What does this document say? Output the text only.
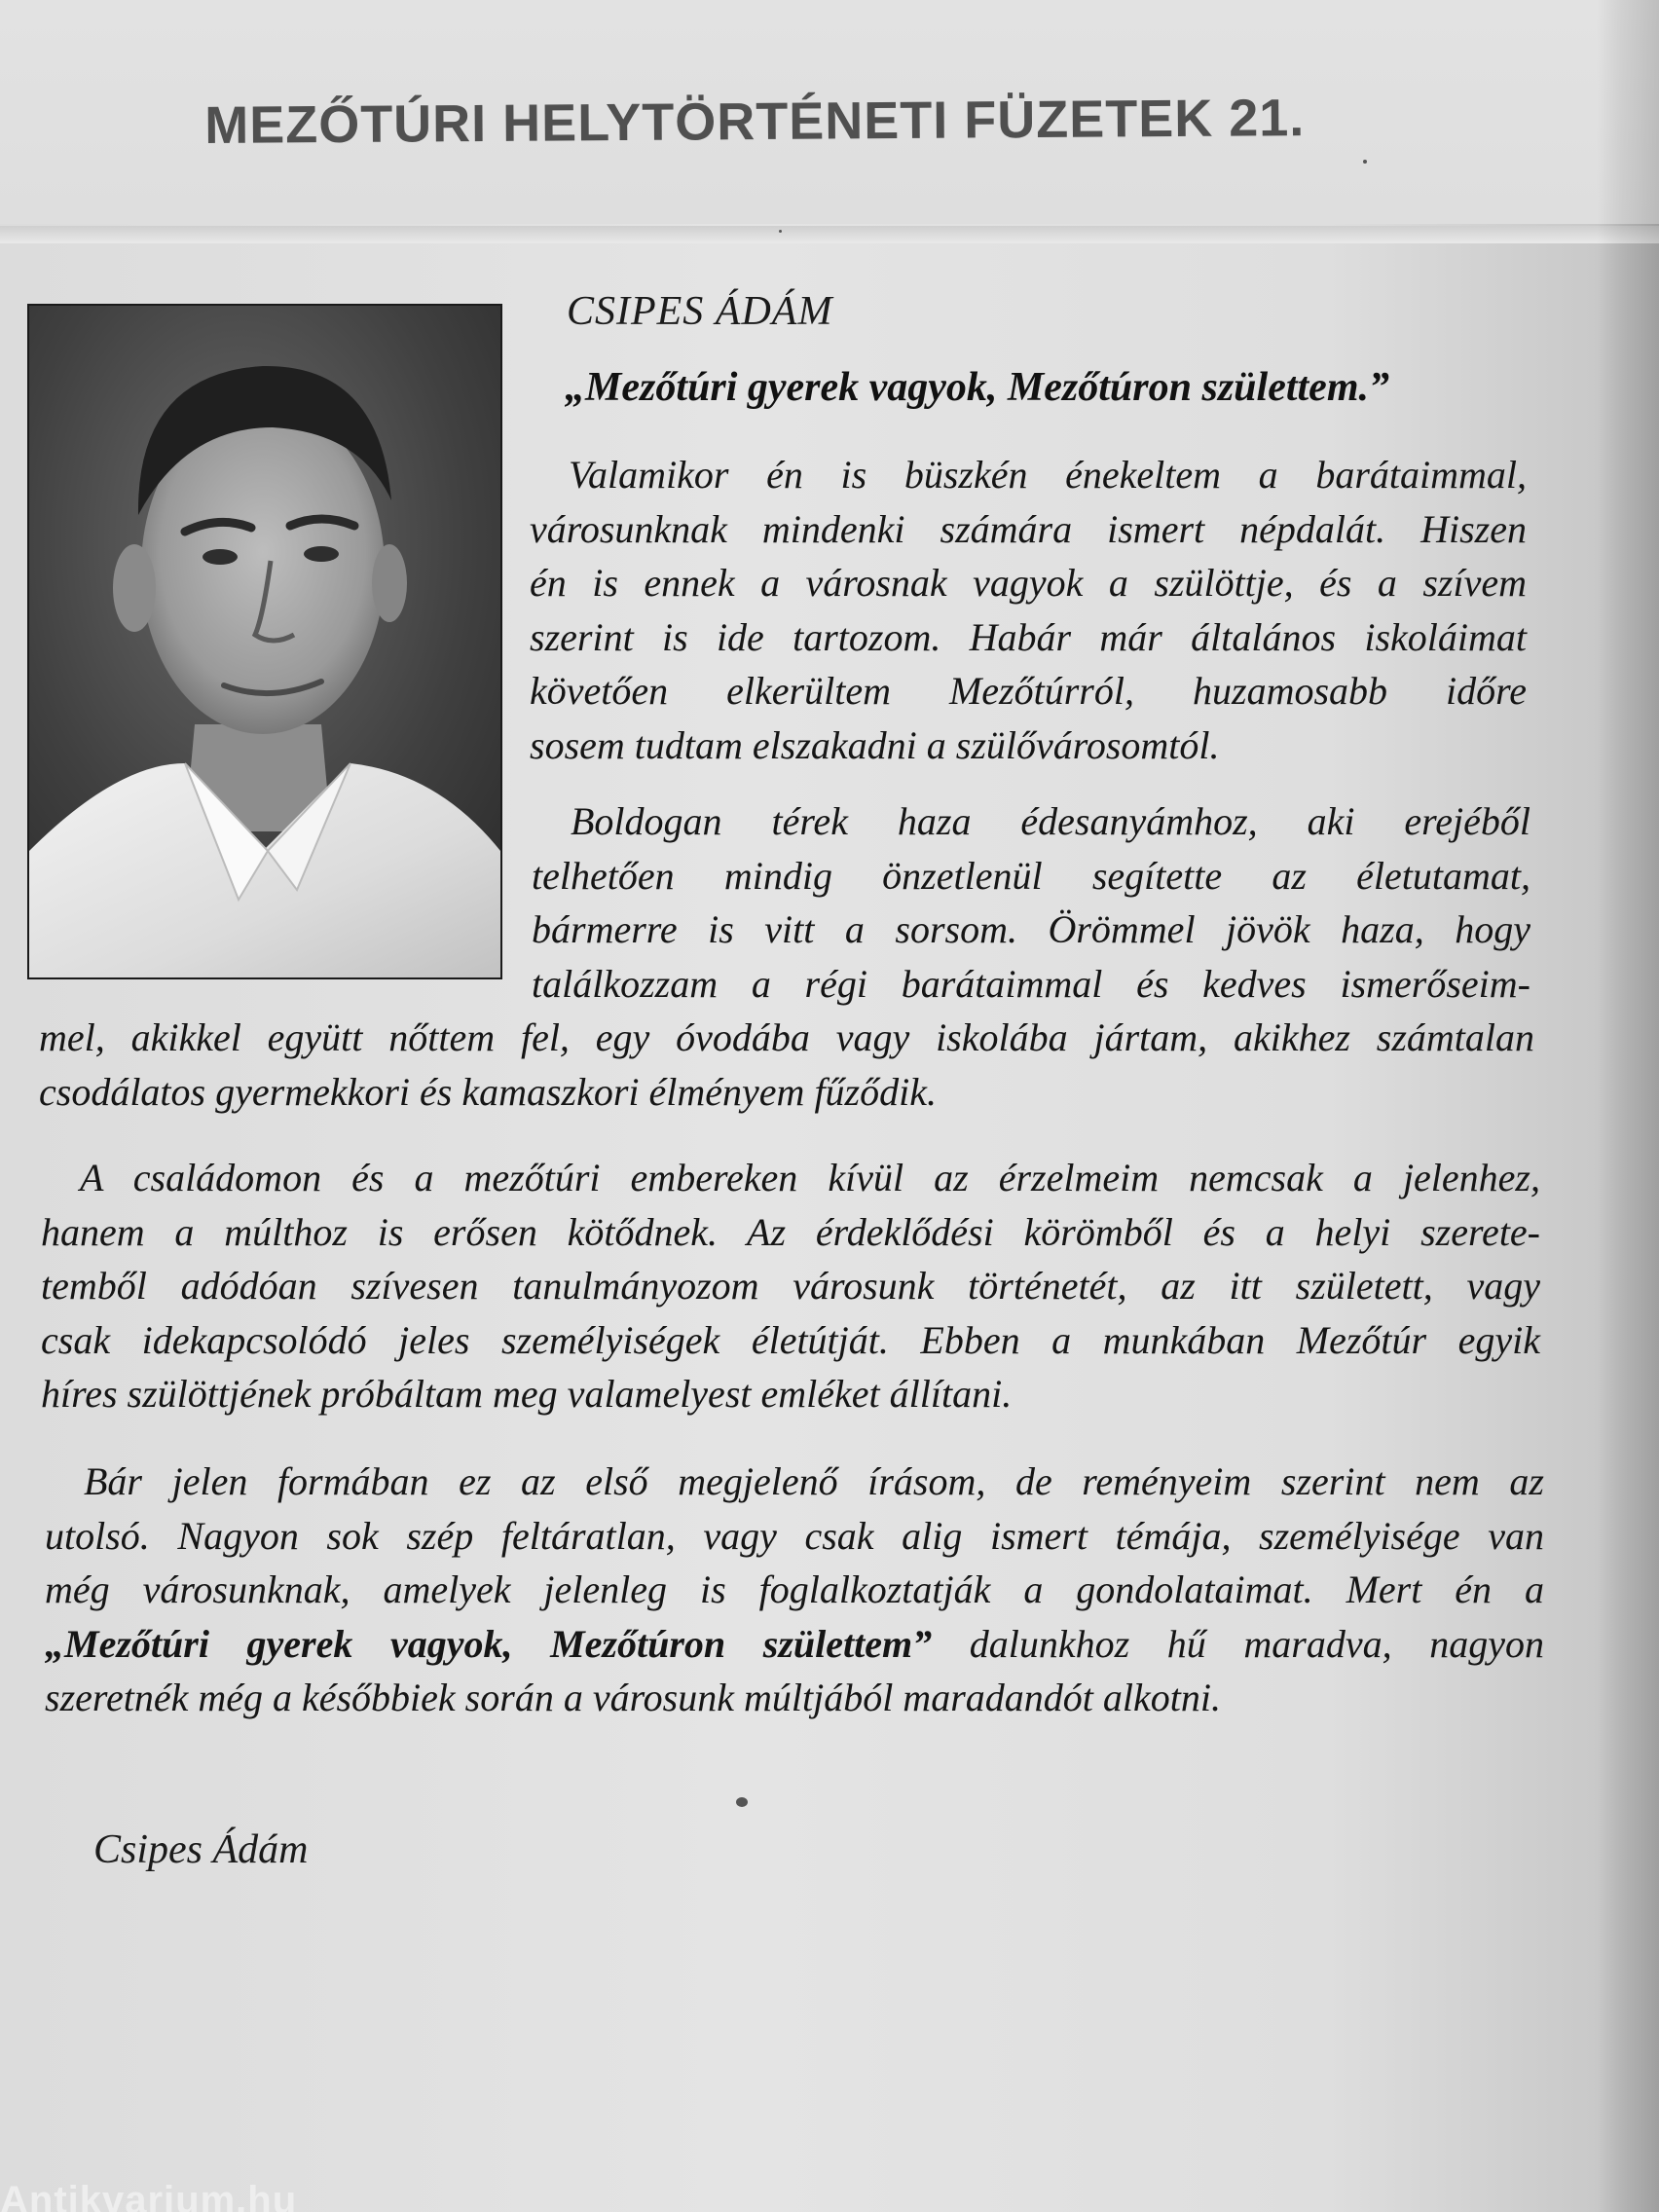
MEZŐTÚRI HELYTÖRTÉNETI FÜZETEK 21.
CSIPES ÁDÁM
„Mezőtúri gyerek vagyok, Mezőtúron születtem.”
Valamikor én is büszkén énekeltem a barátaimmal,
városunknak mindenki számára ismert népdalát. Hiszen
én is ennek a városnak vagyok a szülöttje, és a szívem
szerint is ide tartozom. Habár már általános iskoláimat
követően elkerültem Mezőtúrról, huzamosabb időre
sosem tudtam elszakadni a szülővárosomtól.
Boldogan térek haza édesanyámhoz, aki erejéből
telhetően mindig önzetlenül segítette az életutamat,
bármerre is vitt a sorsom. Örömmel jövök haza, hogy
találkozzam a régi barátaimmal és kedves ismerőseim-
mel, akikkel együtt nőttem fel, egy óvodába vagy iskolába jártam, akikhez számtalan
csodálatos gyermekkori és kamaszkori élményem fűződik.
A családomon és a mezőtúri embereken kívül az érzelmeim nemcsak a jelenhez,
hanem a múlthoz is erősen kötődnek. Az érdeklődési körömből és a helyi szerete-
temből adódóan szívesen tanulmányozom városunk történetét, az itt született, vagy
csak idekapcsolódó jeles személyiségek életútját. Ebben a munkában Mezőtúr egyik
híres szülöttjének próbáltam meg valamelyest emléket állítani.
Bár jelen formában ez az első megjelenő írásom, de reményeim szerint nem az
utolsó. Nagyon sok szép feltáratlan, vagy csak alig ismert témája, személyisége van
még városunknak, amelyek jelenleg is foglalkoztatják a gondolataimat. Mert én a
„Mezőtúri gyerek vagyok, Mezőtúron születtem” dalunkhoz hű maradva, nagyon
szeretnék még a későbbiek során a városunk múltjából maradandót alkotni.
Csipes Ádám
Antikvarium.hu
